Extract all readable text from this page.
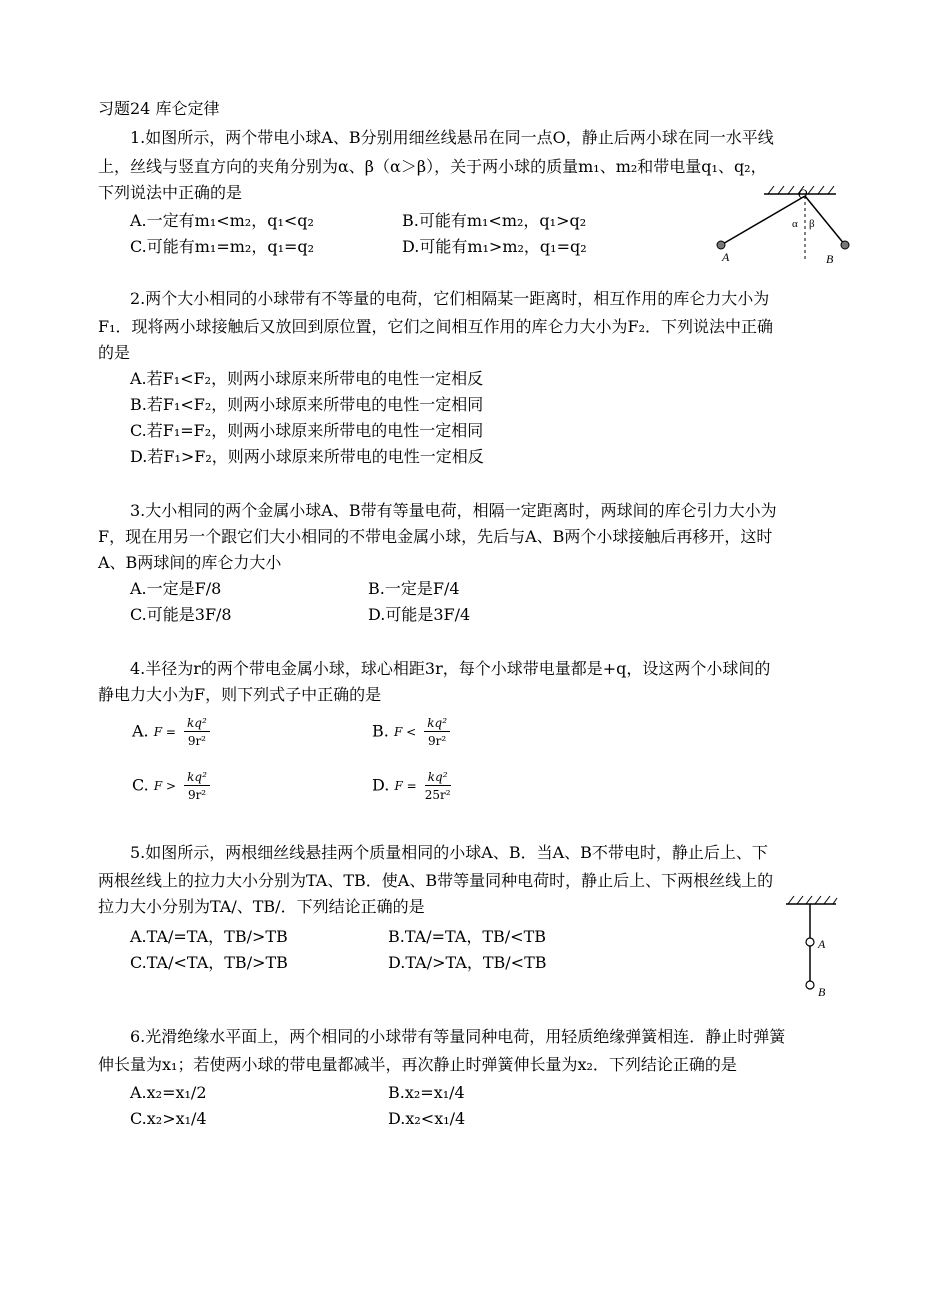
习题24 库仑定律
1.如图所示，两个带电小球A、B分别用细丝线悬吊在同一点O，静止后两小球在同一水平线
上，丝线与竖直方向的夹角分别为α、β（α＞β），关于两小球的质量m₁、m₂和带电量q₁、q₂，
下列说法中正确的是
A.一定有m₁<m₂，q₁<q₂	B.可能有m₁<m₂，q₁>q₂
C.可能有m₁=m₂，q₁=q₂	D.可能有m₁>m₂，q₁=q₂
O
α β
A	B
2.两个大小相同的小球带有不等量的电荷，它们相隔某一距离时，相互作用的库仑力大小为
F₁．现将两小球接触后又放回到原位置，它们之间相互作用的库仑力大小为F₂．下列说法中正确
的是
A.若F₁<F₂，则两小球原来所带电的电性一定相反
B.若F₁<F₂，则两小球原来所带电的电性一定相同
C.若F₁=F₂，则两小球原来所带电的电性一定相同
D.若F₁>F₂，则两小球原来所带电的电性一定相反
3.大小相同的两个金属小球A、B带有等量电荷，相隔一定距离时，两球间的库仑引力大小为
F，现在用另一个跟它们大小相同的不带电金属小球，先后与A、B两个小球接触后再移开，这时
A、B两球间的库仑力大小
A.一定是F/8	B.一定是F/4
C.可能是3F/8	D.可能是3F/4
4.半径为r的两个带电金属小球，球心相距3r，每个小球带电量都是+q，设这两个小球间的
静电力大小为F，则下列式子中正确的是
A. $F = \frac{\text{kq²}}{\text{9r²}}$	B. $F < \frac{\text{kq²}}{\text{9r²}}$
C. $F > \frac{\text{kq²}}{\text{9r²}}$	D. $F = \frac{\text{kq²}}{\text{25r²}}$
5.如图所示，两根细丝线悬挂两个质量相同的小球A、B．当A、B不带电时，静止后上、下
两根丝线上的拉力大小分别为TA、TB．使A、B带等量同种电荷时，静止后上、下两根丝线上的
拉力大小分别为TA/、TB/．下列结论正确的是
A.TA/=TA，TB/>TB	B.TA/=TA，TB/<TB
C.TA/<TA，TB/>TB	D.TA/>TA，TB/<TB
A
B
6.光滑绝缘水平面上，两个相同的小球带有等量同种电荷，用轻质绝缘弹簧相连．静止时弹簧
伸长量为x₁；若使两小球的带电量都减半，再次静止时弹簧伸长量为x₂．下列结论正确的是
A.x₂=x₁/2	B.x₂=x₁/4
C.x₂>x₁/4	D.x₂<x₁/4
